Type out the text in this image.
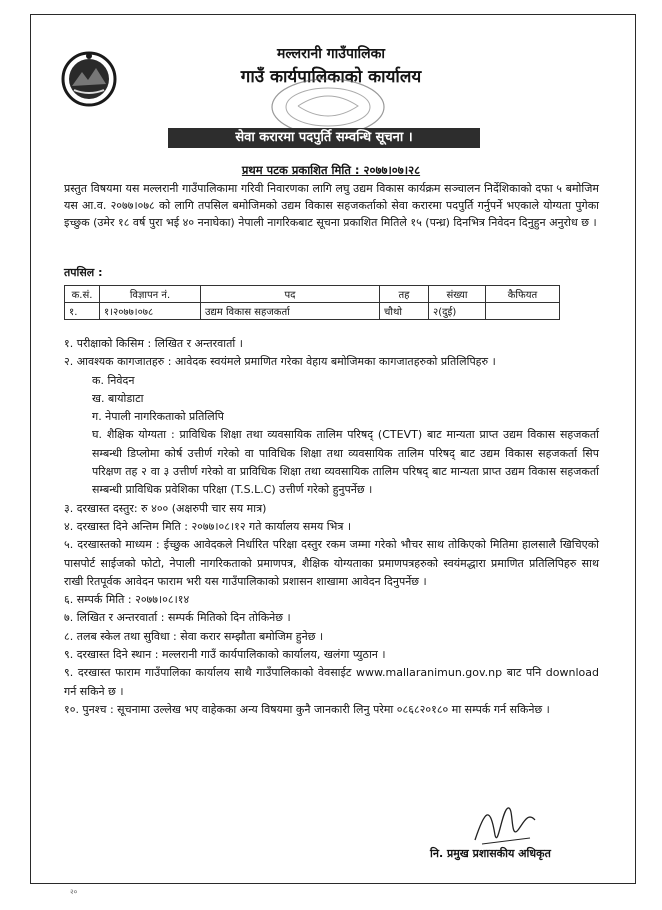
मल्लरानी गाउँपालिका
गाउँ कार्यपालिकाको कार्यालय
सेवा करारमा पदपुर्ति सम्वन्धि सूचना ।
प्रथम पटक प्रकाशित मिति : २०७७।०७।२८
प्रस्तुत विषयमा यस मल्लरानी गाउँपालिकामा गरिवी निवारणका लागि लघु उद्यम विकास कार्यक्रम सञ्चालन निर्देशिकाको दफा ५ बमोजिम यस आ.व. २०७७।०७८ को लागि तपसिल बमोजिमको उद्यम विकास सहजकर्ताको सेवा करारमा पदपुर्ति गर्नुपर्ने भएकाले योग्यता पुगेका इच्छुक (उमेर १८ वर्ष पुरा भई ४० ननाघेका) नेपाली नागरिकबाट सूचना प्रकाशित मितिले १५ (पन्ध्र) दिनभित्र निवेदन दिनुहुन अनुरोध छ ।
तपसिल :
क.सं.	विज्ञापन नं.	पद	तह	संख्या	कैफियत
१.	१।२०७७।०७८	उद्यम विकास सहजकर्ता	चौथो	२(दुई)	
१. परीक्षाको किसिम : लिखित र अन्तरवार्ता ।
२. आवश्यक कागजातहरु : आवेदक स्वयंमले प्रमाणित गरेका वेहाय बमोजिमका कागजातहरुको प्रतिलिपिहरु ।
क. निवेदन
ख. बायोडाटा
ग. नेपाली नागरिकताको प्रतिलिपि
घ. शैक्षिक योग्यता : प्राविधिक शिक्षा तथा व्यवसायिक तालिम परिषद् (CTEVT) बाट मान्यता प्राप्त उद्यम विकास सहजकर्ता सम्बन्धी डिप्लोमा कोर्ष उत्तीर्ण गरेको वा पाविधिक शिक्षा तथा व्यवसायिक तालिम परिषद् बाट उद्यम विकास सहजकर्ता सिप परिक्षण तह २ वा ३ उत्तीर्ण गरेको वा प्राविधिक शिक्षा तथा व्यवसायिक तालिम परिषद् बाट मान्यता प्राप्त उद्यम विकास सहजकर्ता सम्बन्धी प्राविधिक प्रवेशिका परिक्षा (T.S.L.C) उत्तीर्ण गरेको हुनुपर्नेछ ।
३. दरखास्त दस्तुर: रु ४०० (अक्षरुपी चार सय मात्र)
४. दरखास्त दिने अन्तिम मिति : २०७७।०८।१२ गते कार्यालय समय भित्र ।
५. दरखास्तको माध्यम : ईच्छुक आवेदकले निर्धारित परिक्षा दस्तुर रकम जम्मा गरेको भौचर साथ तोकिएको मितिमा हालसालै खिचिएको पासपोर्ट साईजको फोटो, नेपाली नागरिकताको प्रमाणपत्र, शैक्षिक योग्यताका प्रमाणपत्रहरुको स्वयंमद्धारा प्रमाणित प्रतिलिपिहरु साथ राखी रितपूर्वक आवेदन फाराम भरी यस गाउँपालिकाको प्रशासन शाखामा आवेदन दिनुपर्नेछ ।
६. सम्पर्क मिति : २०७७।०८।१४
७. लिखित र अन्तरवार्ता : सम्पर्क मितिको दिन तोकिनेछ ।
८. तलब स्केल तथा सुविधा : सेवा करार सम्झौता बमोजिम हुनेछ ।
९. दरखास्त दिने स्थान : मल्लरानी गाउँ कार्यपालिकाको कार्यालय, खलंगा प्युठान ।
९. दरखास्त फाराम गाउँपालिका कार्यालय साथै गाउँपालिकाको वेवसाईट www.mallaranimun.gov.np बाट पनि download गर्न सकिने छ ।
१०. पुनश्च : सूचनामा उल्लेख भए वाहेकका अन्य विषयमा कुनै जानकारी लिनु परेमा ०८६८२०१८० मा सम्पर्क गर्न सकिनेछ ।
नि. प्रमुख प्रशासकीय अधिकृत
२०
